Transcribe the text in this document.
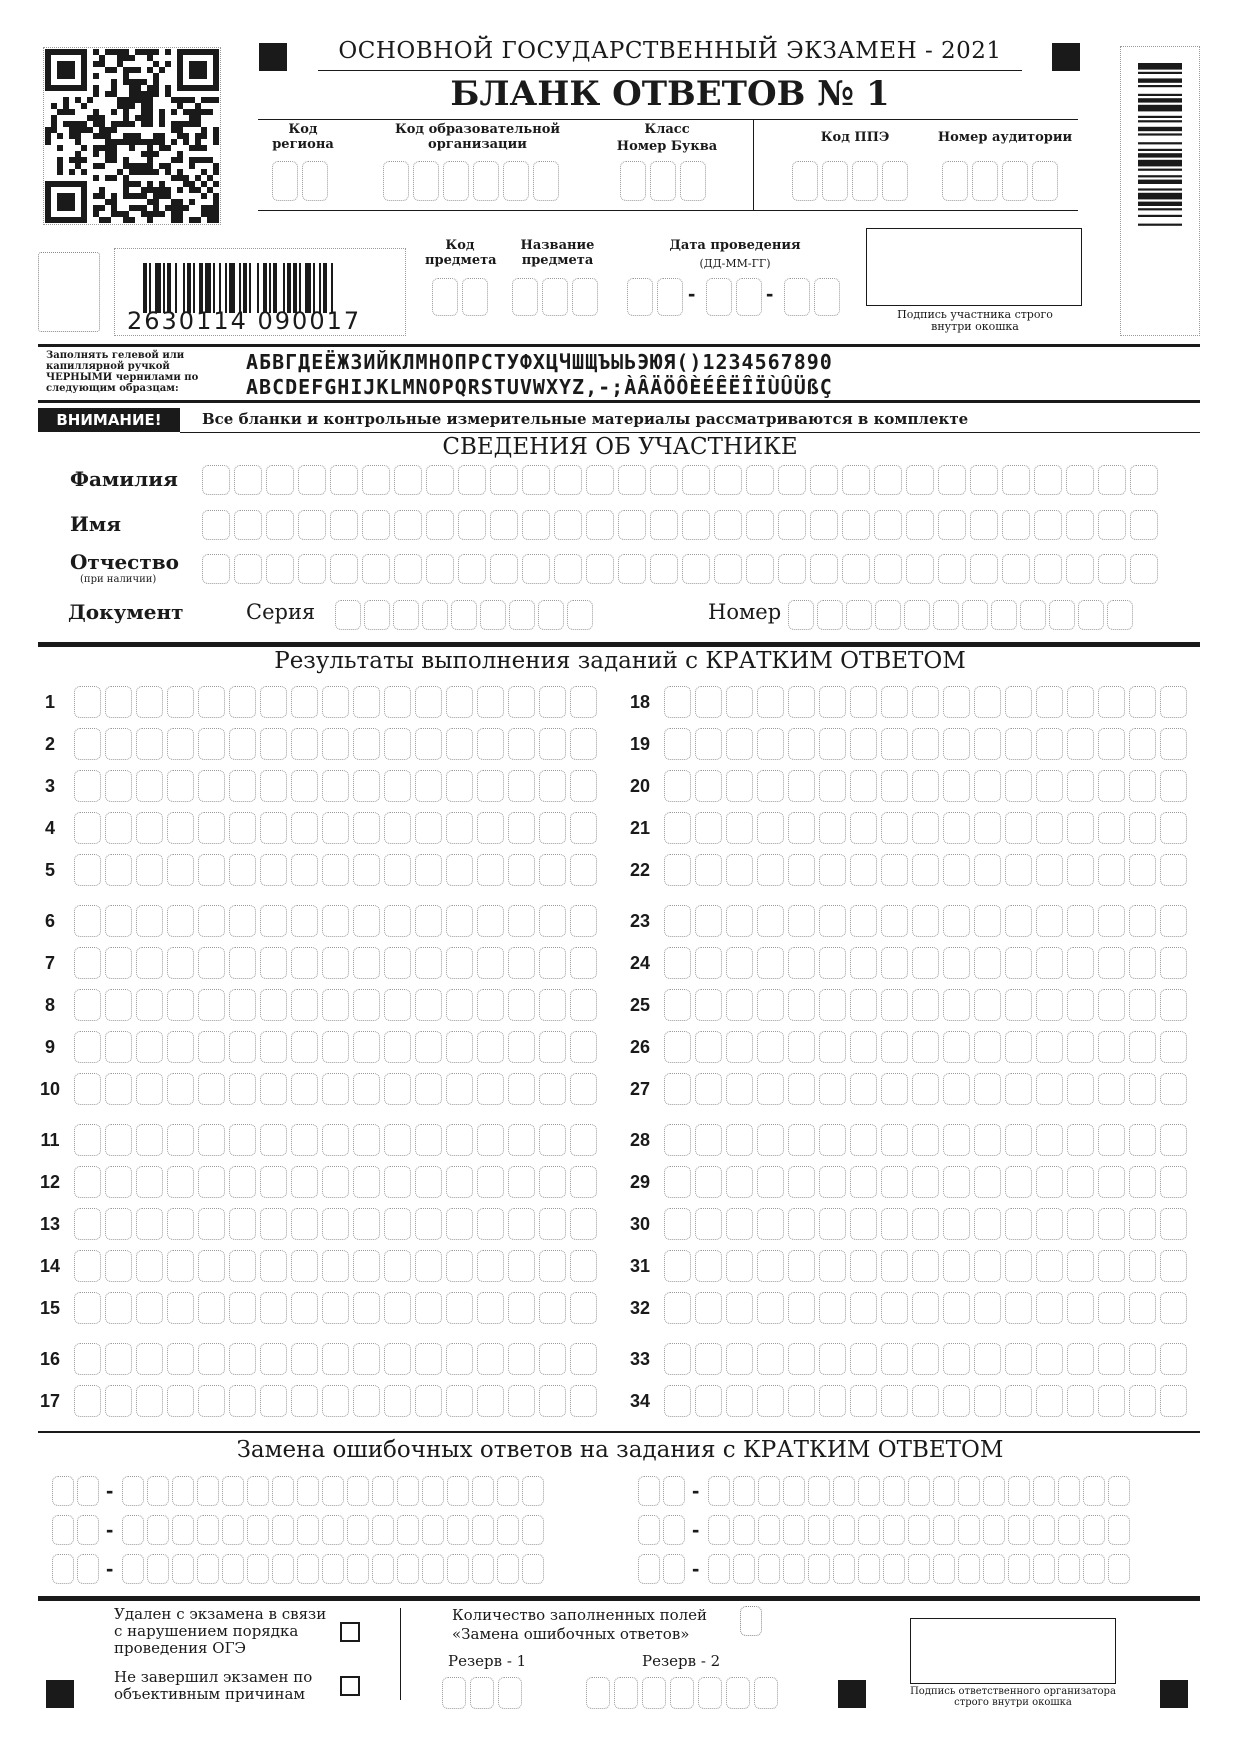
2630114 090017
ОСНОВНОЙ ГОСУДАРСТВЕННЫЙ ЭКЗАМЕН - 2021
БЛАНК ОТВЕТОВ № 1
Код региона
Код образовательной организации
Класс
Номер Буква
Код ППЭ	Номер аудитории
Код предмета
Название предмета
Дата проведения
(ДД-ММ-ГГ)
-	-
Подпись участника строго внутри окошка
Заполнять гелевой или капиллярной ручкой ЧЕРНЫМИ чернилами по следующим образцам:
АБВГДЕЁЖЗИЙКЛМНОПРСТУФХЦЧШЩЪЫЬЭЮЯ()1234567890
ABCDEFGHIJKLMNOPQRSTUVWXYZ,-;ÀÂÄÖÔÈÉÊËÎÏÙÛÜßÇ
ВНИМАНИЕ!	Все бланки и контрольные измерительные материалы рассматриваются в комплекте
СВЕДЕНИЯ ОБ УЧАСТНИКЕ
Фамилия
Имя
Отчество
(при наличии)
Документ	Серия	Номер
Результаты выполнения заданий с КРАТКИМ ОТВЕТОМ
1
2
3
4
5
6
7
8
9
10
11
12
13
14
15
16
17
18
19
20
21
22
23
24
25
26
27
28
29
30
31
32
33
34
Замена ошибочных ответов на задания с КРАТКИМ ОТВЕТОМ
-	-
-	-
-	-
Удален с экзамена в связи с нарушением порядка проведения ОГЭ
Не завершил экзамен по объективным причинам
Количество заполненных полей «Замена ошибочных ответов»
Резерв - 1	Резерв - 2
Подпись ответственного организатора строго внутри окошка
